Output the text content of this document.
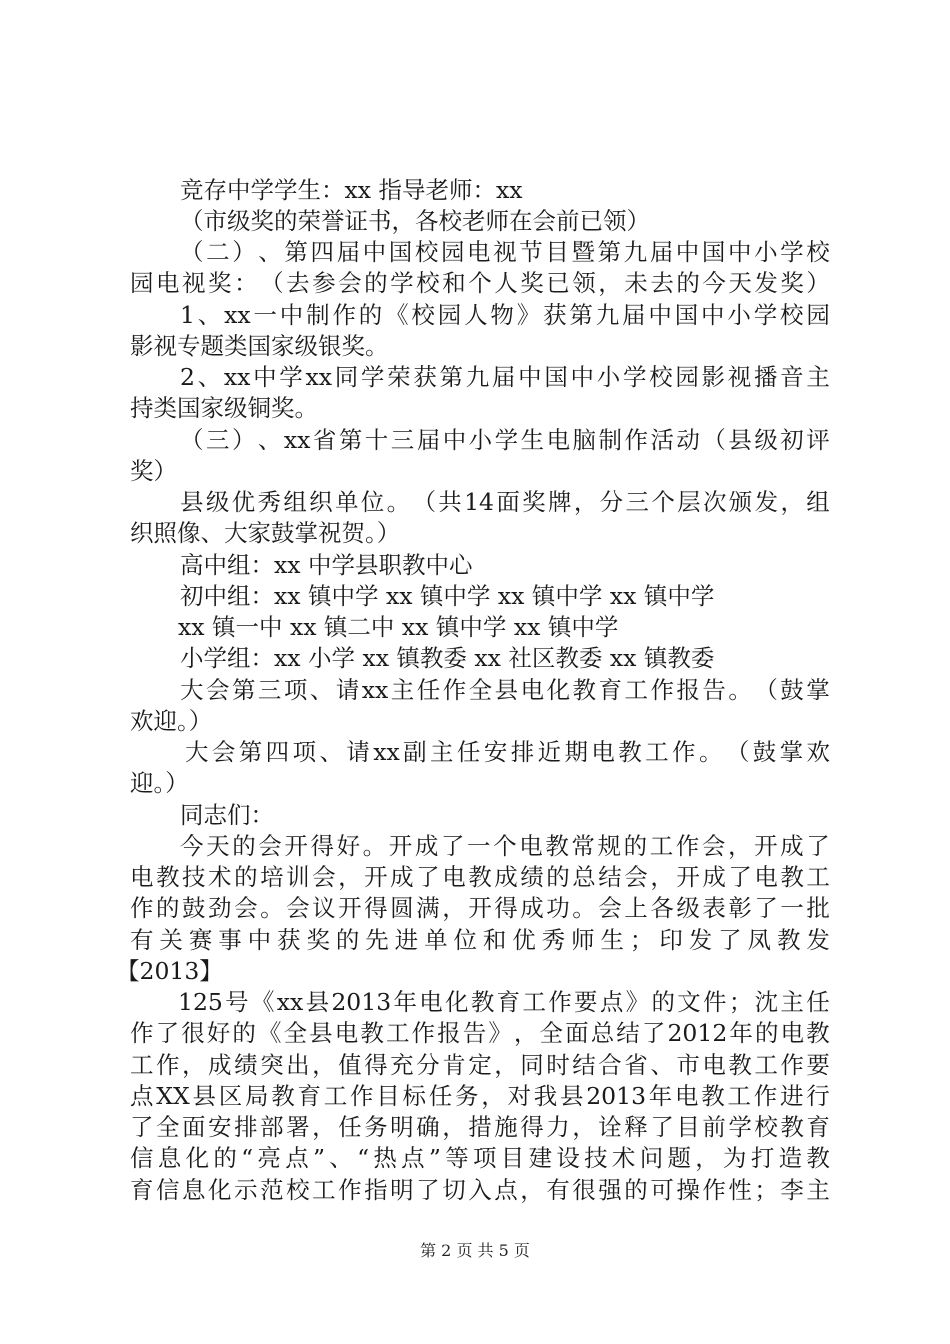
竞存中学学生：xx 指导老师：xx
（市级奖的荣誉证书，各校老师在会前已领）
（ 二 ） 、 第 四 届 中 国 校 园 电 视 节 目 暨 第 九 届 中 国 中 小 学 校
园 电 视 奖 ： （ 去 参 会 的 学 校 和 个 人 奖 已 领 ， 未 去 的 今 天 发 奖 ）
1 、 xx 一 中 制 作 的 《 校 园 人 物 》 获 第 九 届 中 国 中 小 学 校 园
影视专题类国家级银奖。
2 、 xx 中 学 xx 同 学 荣 获 第 九 届 中 国 中 小 学 校 园 影 视 播 音 主
持类国家级铜奖。
（ 三 ） 、 xx 省 第 十 三 届 中 小 学 生 电 脑 制 作 活 动 （ 县 级 初 评
奖）
县 级 优 秀 组 织 单 位 。 （ 共 14 面 奖 牌 ， 分 三 个 层 次 颁 发 ， 组
织照像、大家鼓掌祝贺。）
高中组：xx 中学县职教中心
初中组：xx 镇中学 xx 镇中学 xx 镇中学 xx 镇中学
xx 镇一中 xx 镇二中 xx 镇中学 xx 镇中学
小学组：xx 小学 xx 镇教委 xx 社区教委 xx 镇教委
大 会 第 三 项 、 请 xx 主 任 作 全 县 电 化 教 育 工 作 报 告 。 （ 鼓 掌
欢迎。）
大 会 第 四 项 、 请 xx 副 主 任 安 排 近 期 电 教 工 作 。 （ 鼓 掌 欢
迎。）
同志们：
今 天 的 会 开 得 好 。 开 成 了 一 个 电 教 常 规 的 工 作 会 ， 开 成 了
电 教 技 术 的 培 训 会 ， 开 成 了 电 教 成 绩 的 总 结 会 ， 开 成 了 电 教 工
作 的 鼓 劲 会 。 会 议 开 得 圆 满 ， 开 得 成 功 。 会 上 各 级 表 彰 了 一 批
有 关 赛 事 中 获 奖 的 先 进 单 位 和 优 秀 师 生 ； 印 发 了 凤 教 发
【2013】
125 号 《 xx 县 2013 年 电 化 教 育 工 作 要 点 》 的 文 件 ； 沈 主 任
作 了 很 好 的 《 全 县 电 教 工 作 报 告 》 ， 全 面 总 结 了 2012 年 的 电 教
工 作 ， 成 绩 突 出 ， 值 得 充 分 肯 定 ， 同 时 结 合 省 、 市 电 教 工 作 要
点 XX 县 区 局 教 育 工 作 目 标 任 务 ， 对 我 县 2013 年 电 教 工 作 进 行
了 全 面 安 排 部 署 ， 任 务 明 确 ， 措 施 得 力 ， 诠 释 了 目 前 学 校 教 育
信 息 化 的 “ 亮 点 ” 、 “ 热 点 ” 等 项 目 建 设 技 术 问 题 ， 为 打 造 教
育 信 息 化 示 范 校 工 作 指 明 了 切 入 点 ， 有 很 强 的 可 操 作 性 ； 李 主
第 2 页 共 5 页
